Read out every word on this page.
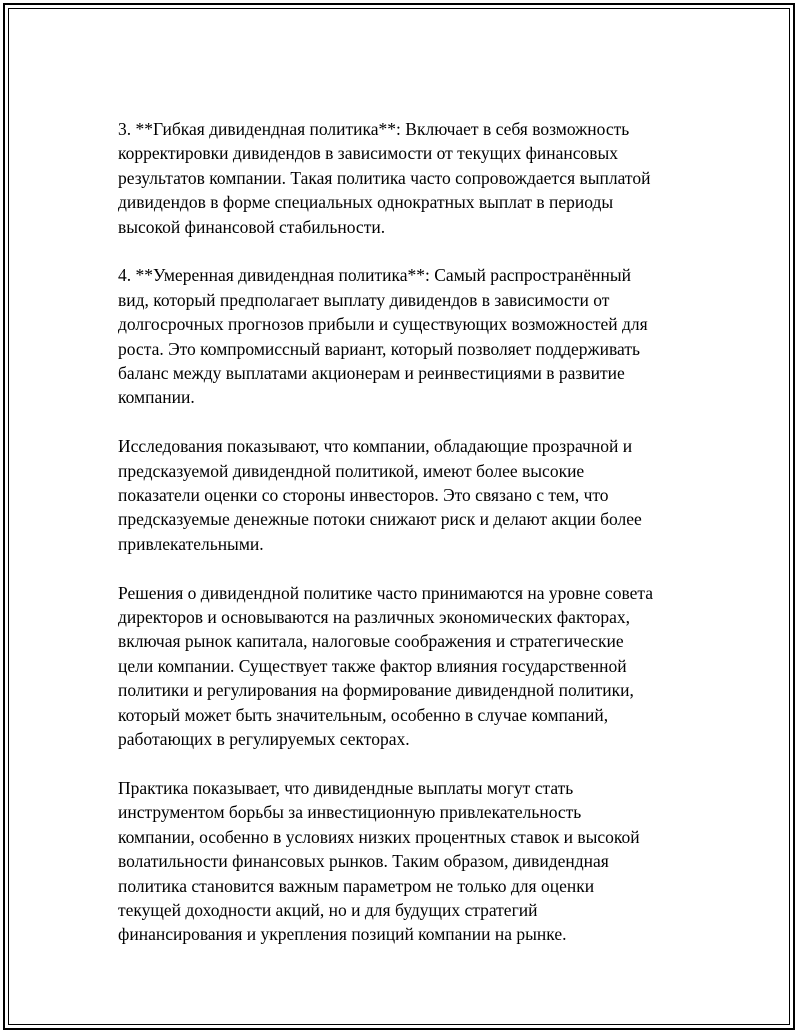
3. **Гибкая дивидендная политика**: Включает в себя возможность
корректировки дивидендов в зависимости от текущих финансовых
результатов компании. Такая политика часто сопровождается выплатой
дивидендов в форме специальных однократных выплат в периоды
высокой финансовой стабильности.

4. **Умеренная дивидендная политика**: Самый распространённый
вид, который предполагает выплату дивидендов в зависимости от
долгосрочных прогнозов прибыли и существующих возможностей для
роста. Это компромиссный вариант, который позволяет поддерживать
баланс между выплатами акционерам и реинвестициями в развитие
компании.

Исследования показывают, что компании, обладающие прозрачной и
предсказуемой дивидендной политикой, имеют более высокие
показатели оценки со стороны инвесторов. Это связано с тем, что
предсказуемые денежные потоки снижают риск и делают акции более
привлекательными.

Решения о дивидендной политике часто принимаются на уровне совета
директоров и основываются на различных экономических факторах,
включая рынок капитала, налоговые соображения и стратегические
цели компании. Существует также фактор влияния государственной
политики и регулирования на формирование дивидендной политики,
который может быть значительным, особенно в случае компаний,
работающих в регулируемых секторах.

Практика показывает, что дивидендные выплаты могут стать
инструментом борьбы за инвестиционную привлекательность
компании, особенно в условиях низких процентных ставок и высокой
волатильности финансовых рынков. Таким образом, дивидендная
политика становится важным параметром не только для оценки
текущей доходности акций, но и для будущих стратегий
финансирования и укрепления позиций компании на рынке.
